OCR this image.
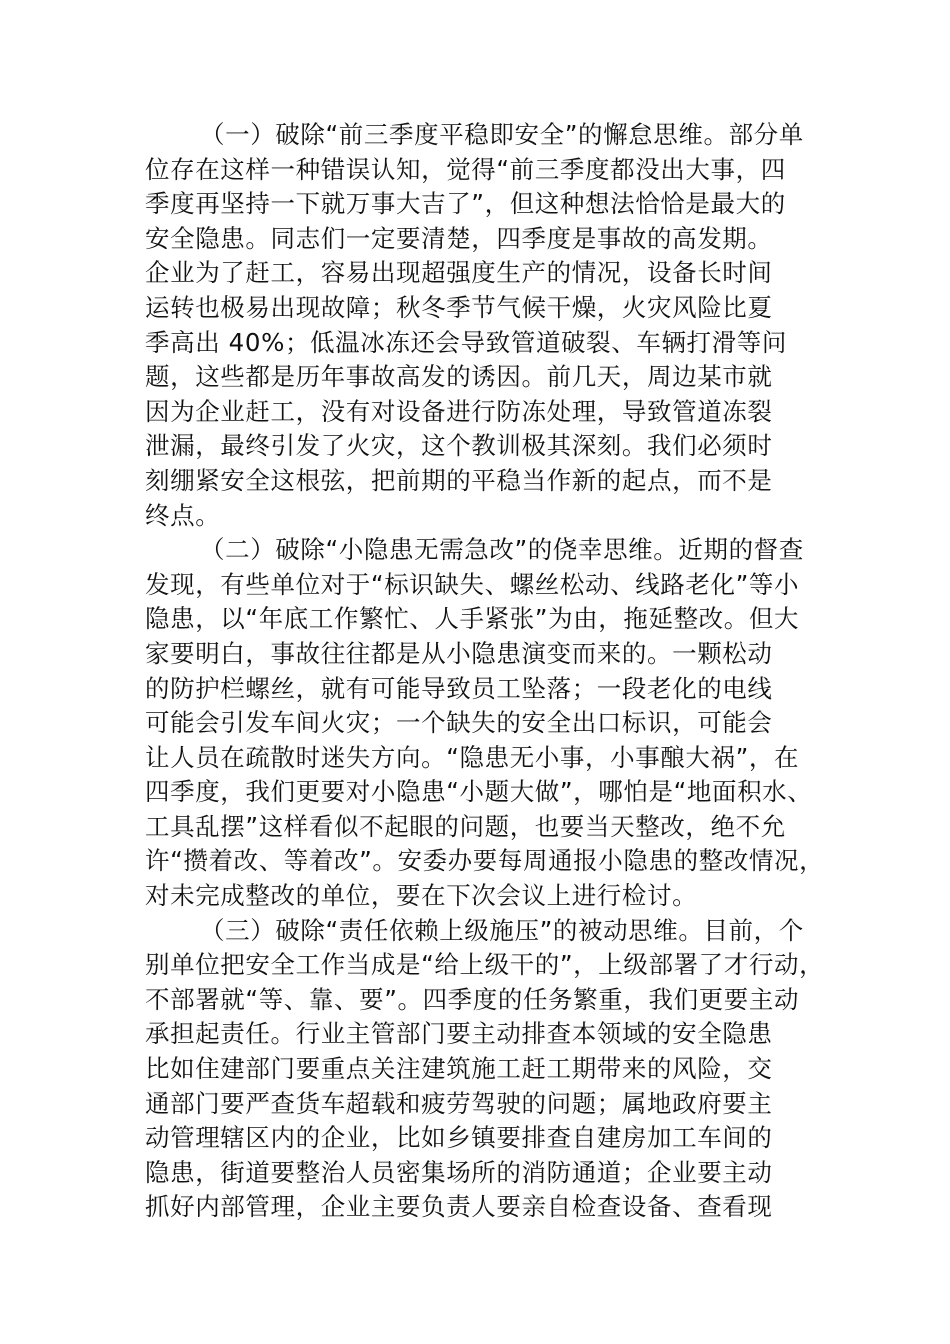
（一）破除“前三季度平稳即安全”的懈怠思维。部分单
位存在这样一种错误认知，觉得“前三季度都没出大事，四
季度再坚持一下就万事大吉了”，但这种想法恰恰是最大的
安全隐患。同志们一定要清楚，四季度是事故的高发期。
企业为了赶工，容易出现超强度生产的情况，设备长时间
运转也极易出现故障；秋冬季节气候干燥，火灾风险比夏
季高出 40%；低温冰冻还会导致管道破裂、车辆打滑等问
题，这些都是历年事故高发的诱因。前几天，周边某市就
因为企业赶工，没有对设备进行防冻处理，导致管道冻裂
泄漏，最终引发了火灾，这个教训极其深刻。我们必须时
刻绷紧安全这根弦，把前期的平稳当作新的起点，而不是
终点。
（二）破除“小隐患无需急改”的侥幸思维。近期的督查
发现，有些单位对于“标识缺失、螺丝松动、线路老化”等小
隐患，以“年底工作繁忙、人手紧张”为由，拖延整改。但大
家要明白，事故往往都是从小隐患演变而来的。一颗松动
的防护栏螺丝，就有可能导致员工坠落；一段老化的电线
可能会引发车间火灾；一个缺失的安全出口标识，可能会
让人员在疏散时迷失方向。“隐患无小事，小事酿大祸”，在
四季度，我们更要对小隐患“小题大做”，哪怕是“地面积水、
工具乱摆”这样看似不起眼的问题，也要当天整改，绝不允
许“攒着改、等着改”。安委办要每周通报小隐患的整改情况，
对未完成整改的单位，要在下次会议上进行检讨。
（三）破除“责任依赖上级施压”的被动思维。目前，个
别单位把安全工作当成是“给上级干的”，上级部署了才行动，
不部署就“等、靠、要”。四季度的任务繁重，我们更要主动
承担起责任。行业主管部门要主动排查本领域的安全隐患
比如住建部门要重点关注建筑施工赶工期带来的风险，交
通部门要严查货车超载和疲劳驾驶的问题；属地政府要主
动管理辖区内的企业，比如乡镇要排查自建房加工车间的
隐患，街道要整治人员密集场所的消防通道；企业要主动
抓好内部管理，企业主要负责人要亲自检查设备、查看现
